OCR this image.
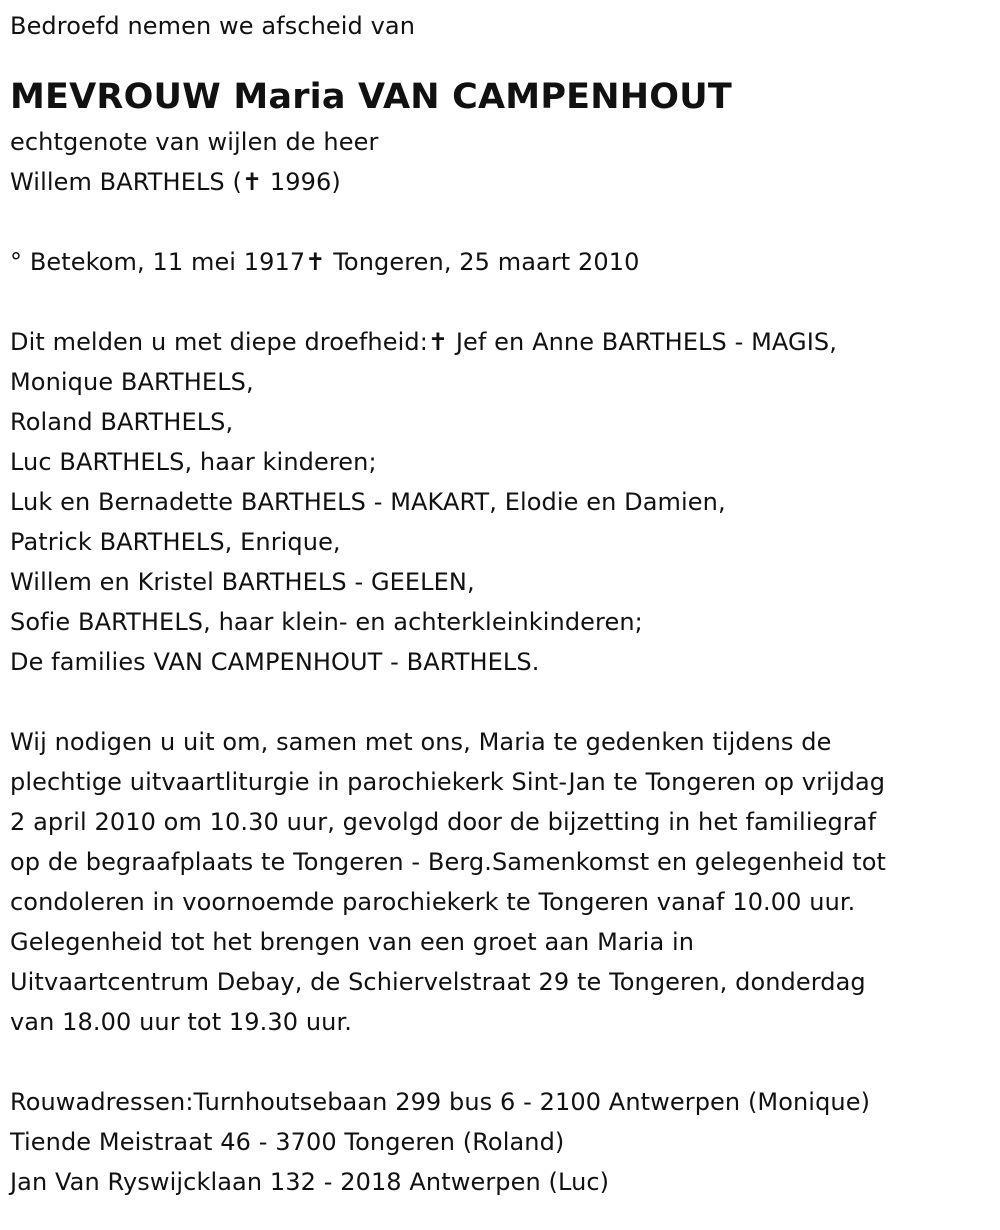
Bedroefd nemen we afscheid van
MEVROUW Maria VAN CAMPENHOUT
echtgenote van wijlen de heer
Willem BARTHELS (✝ 1996)
° Betekom, 11 mei 1917✝ Tongeren, 25 maart 2010
Dit melden u met diepe droefheid:✝ Jef en Anne BARTHELS - MAGIS,
Monique BARTHELS,
Roland BARTHELS,
Luc BARTHELS, haar kinderen;
Luk en Bernadette BARTHELS - MAKART, Elodie en Damien,
Patrick BARTHELS, Enrique,
Willem en Kristel BARTHELS - GEELEN,
Sofie BARTHELS, haar klein- en achterkleinkinderen;
De families VAN CAMPENHOUT - BARTHELS.
Wij nodigen u uit om, samen met ons, Maria te gedenken tijdens de
plechtige uitvaartliturgie in parochiekerk Sint-Jan te Tongeren op vrijdag
2 april 2010 om 10.30 uur, gevolgd door de bijzetting in het familiegraf
op de begraafplaats te Tongeren - Berg.Samenkomst en gelegenheid tot
condoleren in voornoemde parochiekerk te Tongeren vanaf 10.00 uur.
Gelegenheid tot het brengen van een groet aan Maria in
Uitvaartcentrum Debay, de Schiervelstraat 29 te Tongeren, donderdag
van 18.00 uur tot 19.30 uur.
Rouwadressen:Turnhoutsebaan 299 bus 6 - 2100 Antwerpen (Monique)
Tiende Meistraat 46 - 3700 Tongeren (Roland)
Jan Van Ryswijcklaan 132 - 2018 Antwerpen (Luc)
